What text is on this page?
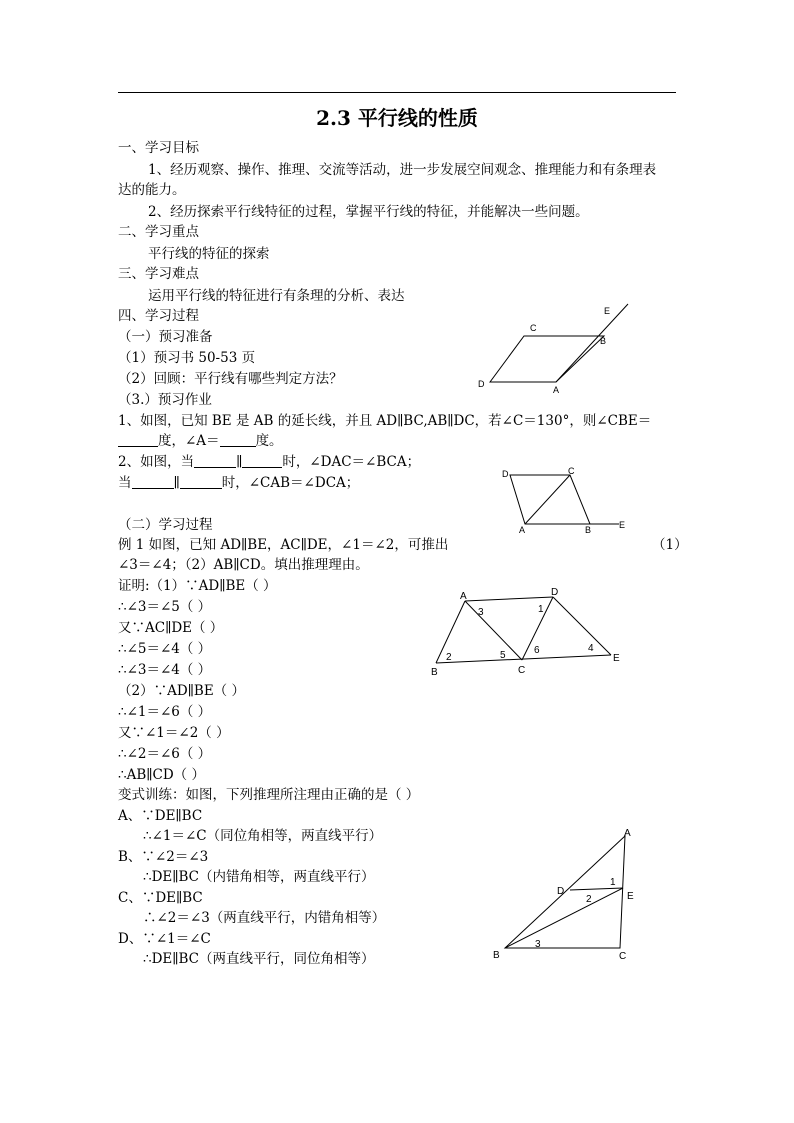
2.3 平行线的性质
一、学习目标
1、经历观察、操作、推理、交流等活动，进一步发展空间观念、推理能力和有条理表
达的能力。
2、经历探索平行线特征的过程，掌握平行线的特征，并能解决一些问题。
二、学习重点
平行线的特征的探索
三、学习难点
运用平行线的特征进行有条理的分析、表达
四、学习过程
（一）预习准备
（1）预习书 50-53 页
（2）回顾：平行线有哪些判定方法？
（3.）预习作业
1、如图，已知 BE 是 AB 的延长线，并且 AD∥BC,AB∥DC，若∠C＝130°，则∠CBE＝
度，∠A＝	度。
2、如图，当	∥	时，∠DAC＝∠BCA；
当	∥	时，∠CAB＝∠DCA；
（二）学习过程
例 1 如图，已知 AD∥BE，AC∥DE，∠1＝∠2，可推出	（1）
∠3＝∠4；（2）AB∥CD。填出推理理由。
证明:（1）∵AD∥BE（ ）
∴∠3＝∠5（ ）
又∵AC∥DE（ ）
∴∠5＝∠4（ ）
∴∠3＝∠4（ ）
（2）∵AD∥BE（ ）
∴∠1＝∠6（ ）
又∵∠1＝∠2（ ）
∴∠2＝∠6（ ）
∴AB∥CD（ ）
变式训练：如图，下列推理所注理由正确的是（ ）
A、∵DE∥BC
∴∠1＝∠C（同位角相等，两直线平行）
B、∵∠2＝∠3
∴DE∥BC（内错角相等，两直线平行）
C、∵DE∥BC
∴∠2＝∠3（两直线平行，内错角相等）
D、∵∠1＝∠C
∴DE∥BC（两直线平行，同位角相等）
C
E
B
D
A
D	C
A	B	E
A	D
B	C
E
1
2
3
4
5	6
A
D	E
B	C
1
2
3
